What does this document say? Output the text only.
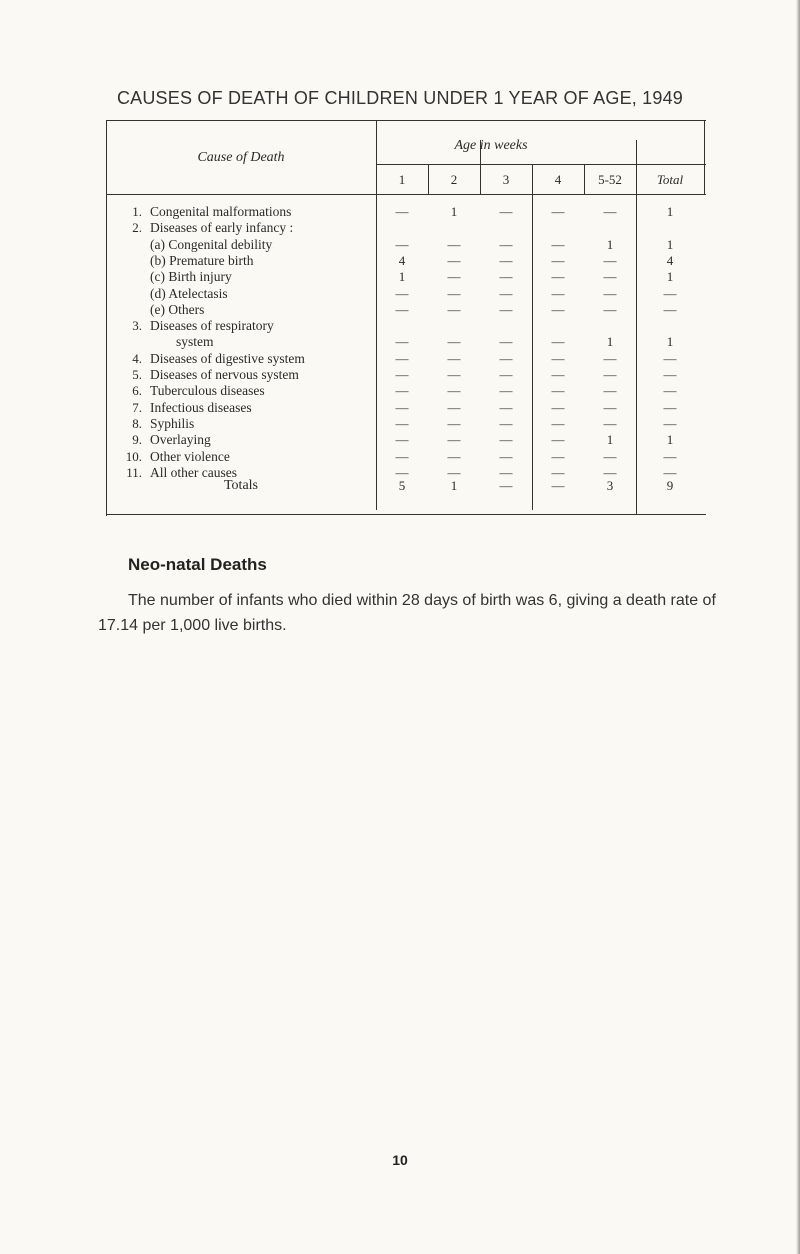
CAUSES OF DEATH OF CHILDREN UNDER 1 YEAR OF AGE, 1949
Cause of Death
Age in weeks
1	2	3	4	5-52	Total
1. Congenital malformations	—	1	—	—	—	1
2. Diseases of early infancy :
(a) Congenital debility	—	—	—	—	1	1
(b) Premature birth	4	—	—	—	—	4
(c) Birth injury	1	—	—	—	—	1
(d) Atelectasis	—	—	—	—	—	—
(e) Others	—	—	—	—	—	—
3. Diseases of respiratory
system	—	—	—	—	1	1
4. Diseases of digestive system	—	—	—	—	—	—
5. Diseases of nervous system	—	—	—	—	—	—
6. Tuberculous diseases	—	—	—	—	—	—
7. Infectious diseases	—	—	—	—	—	—
8. Syphilis	—	—	—	—	—	—
9. Overlaying	—	—	—	—	1	1
10. Other violence	—	—	—	—	—	—
11. All other causes	—	—	—	—	—	—
Totals	5	1	—	—	3	9
Neo-natal Deaths
The number of infants who died within 28 days of birth was 6, giving a death rate of 17.14 per 1,000 live births.
10
